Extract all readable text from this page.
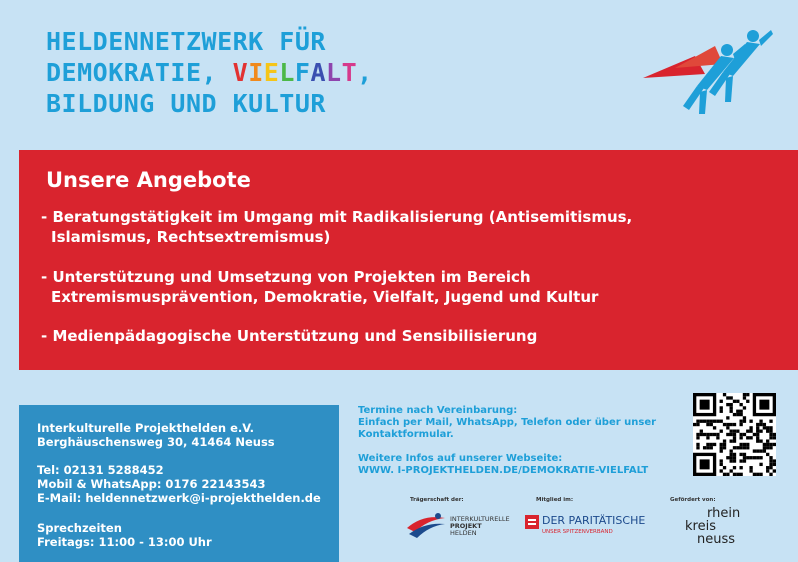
HELDENNETZWERK FÜR
DEMOKRATIE, VIELFALT,
BILDUNG UND KULTUR
Unsere Angebote
- Beratungstätigkeit im Umgang mit Radikalisierung (Antisemitismus,
Islamismus, Rechtsextremismus)
- Unterstützung und Umsetzung von Projekten im Bereich
Extremismusprävention, Demokratie, Vielfalt, Jugend und Kultur
- Medienpädagogische Unterstützung und Sensibilisierung
Interkulturelle Projekthelden e.V.
Berghäuschensweg 30, 41464 Neuss
Tel: 02131 5288452
Mobil & WhatsApp: 0176 22143543
E-Mail: heldennetzwerk@i-projekthelden.de
Sprechzeiten
Freitags: 11:00 - 13:00 Uhr
Termine nach Vereinbarung:
Einfach per Mail, WhatsApp, Telefon oder über unser
Kontaktformular.
Weitere Infos auf unserer Webseite:
WWW. I-PROJEKTHELDEN.DE/DEMOKRATIE-VIELFALT
Trägerschaft der:
INTERKULTURELLE
PROJEKT
HELDEN
Mitglied im:
DER PARITÄTISCHE
UNSER SPITZENVERBAND
Gefördert von:
rhein
kreis
neuss
